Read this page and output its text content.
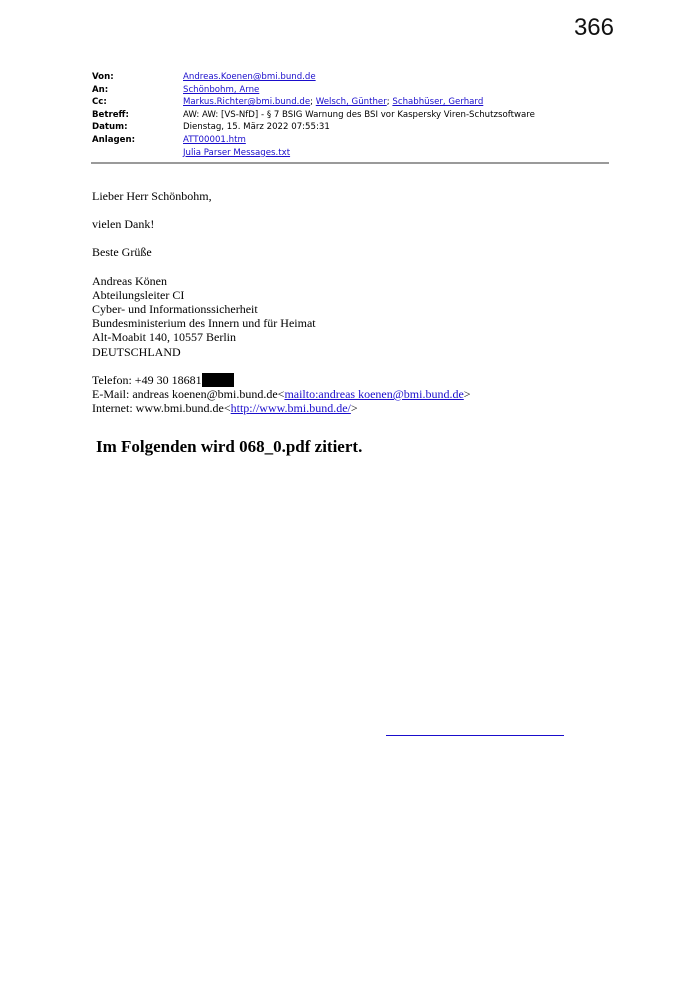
366
Von:	Andreas.Koenen@bmi.bund.de
An:	Schönbohm, Arne
Cc:	Markus.Richter@bmi.bund.de; Welsch, Günther; Schabhüser, Gerhard
Betreff:	AW: AW: [VS-NfD] - § 7 BSIG Warnung des BSI vor Kaspersky Viren-Schutzsoftware
Datum:	Dienstag, 15. März 2022 07:55:31
Anlagen:	ATT00001.htm
Julia Parser Messages.txt

Lieber Herr Schönbohm,

vielen Dank!

Beste Grüße

Andreas Könen

Abteilungsleiter CI

Cyber- und Informationssicherheit

Bundesministerium des Innern und für Heimat

Alt-Moabit 140, 10557 Berlin

DEUTSCHLAND

Telefon: +49 30 18681

E-Mail: andreas koenen@bmi.bund.de<mailto:andreas koenen@bmi.bund.de>

Internet: www.bmi.bund.de<http://www.bmi.bund.de/>

Im Folgenden wird 068_0.pdf zitiert.
